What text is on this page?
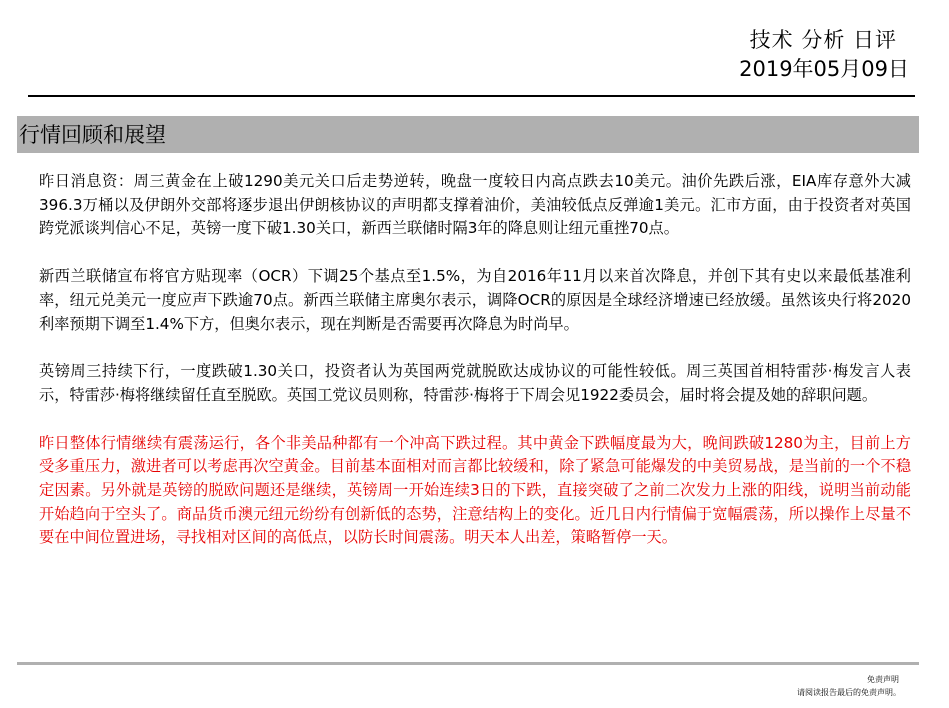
技术 分析 日评
2019年05月09日
行情回顾和展望

昨日消息资：周三黄金在上破1290美元关口后走势逆转，晚盘一度较日内高点跌去10美元。油价先跌后涨，EIA库存意外大减396.3万桶以及伊朗外交部将逐步退出伊朗核协议的声明都支撑着油价，美油较低点反弹逾1美元。汇市方面，由于投资者对英国跨党派谈判信心不足，英镑一度下破1.30关口，新西兰联储时隔3年的降息则让纽元重挫70点。

新西兰联储宣布将官方贴现率（OCR）下调25个基点至1.5%，为自2016年11月以来首次降息，并创下其有史以来最低基准利率，纽元兑美元一度应声下跌逾70点。新西兰联储主席奥尔表示，调降OCR的原因是全球经济增速已经放缓。虽然该央行将2020利率预期下调至1.4%下方，但奥尔表示，现在判断是否需要再次降息为时尚早。

英镑周三持续下行，一度跌破1.30关口，投资者认为英国两党就脱欧达成协议的可能性较低。周三英国首相特雷莎·梅发言人表示，特雷莎·梅将继续留任直至脱欧。英国工党议员则称，特雷莎·梅将于下周会见1922委员会，届时将会提及她的辞职问题。

昨日整体行情继续有震荡运行，各个非美品种都有一个冲高下跌过程。其中黄金下跌幅度最为大，晚间跌破1280为主，目前上方受多重压力，激进者可以考虑再次空黄金。目前基本面相对而言都比较缓和，除了紧急可能爆发的中美贸易战，是当前的一个不稳定因素。另外就是英镑的脱欧问题还是继续，英镑周一开始连续3日的下跌，直接突破了之前二次发力上涨的阳线，说明当前动能开始趋向于空头了。商品货币澳元纽元纷纷有创新低的态势，注意结构上的变化。近几日内行情偏于宽幅震荡，所以操作上尽量不要在中间位置进场，寻找相对区间的高低点，以防长时间震荡。明天本人出差，策略暂停一天。

免责声明
请阅读报告最后的免责声明。
